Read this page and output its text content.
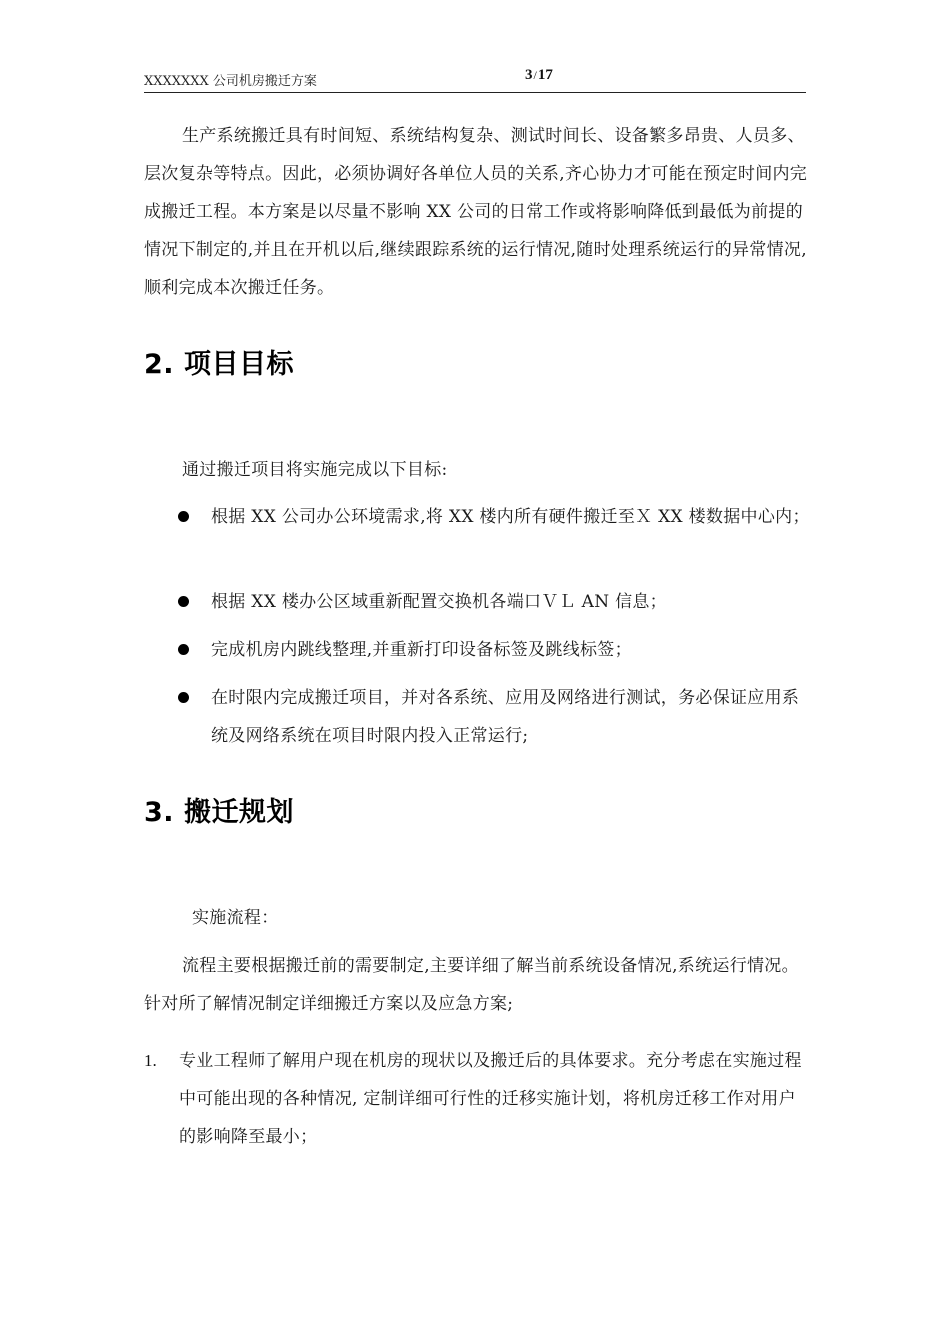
XXXXXXX 公司机房搬迁方案	3/17
生产系统搬迁具有时间短、系统结构复杂、测试时间长、设备繁多昂贵、人员多、层次复杂等特点。因此，必须协调好各单位人员的关系,齐心协力才可能在预定时间内完成搬迁工程。本方案是以尽量不影响 XX 公司的日常工作或将影响降低到最低为前提的情况下制定的,并且在开机以后,继续跟踪系统的运行情况,随时处理系统运行的异常情况,顺利完成本次搬迁任务。
2. 项目目标
通过搬迁项目将实施完成以下目标:
根据 XX 公司办公环境需求,将 XX 楼内所有硬件搬迁至Ｘ XX 楼数据中心内；
根据 XX 楼办公区域重新配置交换机各端口ＶＬ AN 信息；
完成机房内跳线整理,并重新打印设备标签及跳线标签；
在时限内完成搬迁项目，并对各系统、应用及网络进行测试，务必保证应用系统及网络系统在项目时限内投入正常运行;
3. 搬迁规划
实施流程：
流程主要根据搬迁前的需要制定,主要详细了解当前系统设备情况,系统运行情况。针对所了解情况制定详细搬迁方案以及应急方案;
1. 专业工程师了解用户现在机房的现状以及搬迁后的具体要求。充分考虑在实施过程中可能出现的各种情况, 定制详细可行性的迁移实施计划，将机房迁移工作对用户的影响降至最小；
